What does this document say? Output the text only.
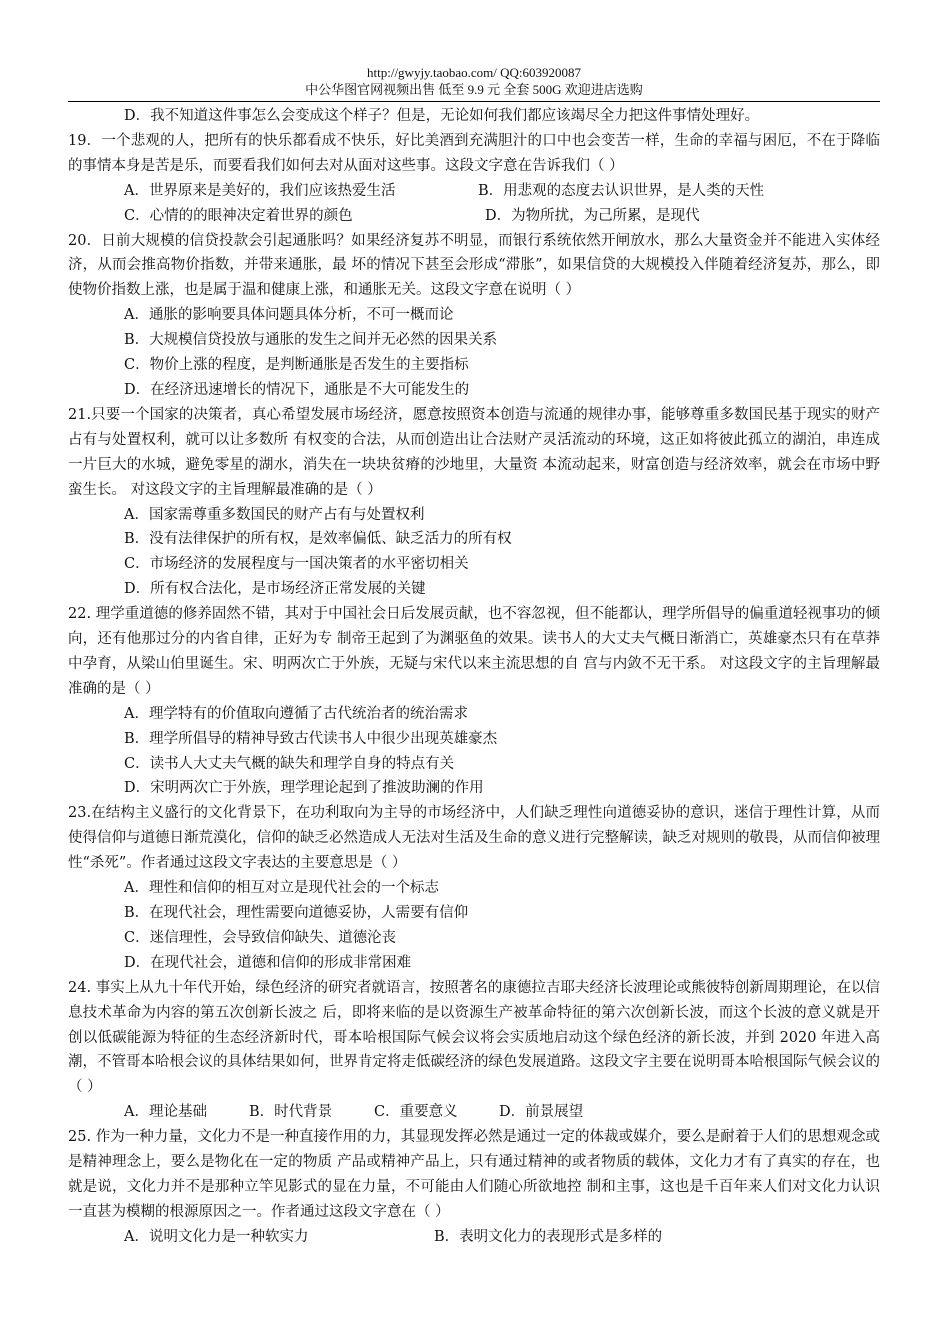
http://gwyjy.taobao.com/ QQ:603920087
中公华图官网视频出售 低至 9.9 元 全套 500G 欢迎进店选购

D．我不知道这件事怎么会变成这个样子？但是，无论如何我们都应该竭尽全力把这件事情处理好。

19．一个悲观的人，把所有的快乐都看成不快乐，好比美酒到充满胆汁的口中也会变苦一样，生命的幸福与困厄，不在于降临的事情本身是苦是乐，而要看我们如何去对从面对这些事。这段文字意在告诉我们（ ）

A．世界原来是美好的，我们应该热爱生活	B．用悲观的态度去认识世界，是人类的天性

C．心情的的眼神决定着世界的颜色	D．为物所扰，为己所累，是现代

20．日前大规模的信贷投款会引起通胀吗？如果经济复苏不明显，而银行系统依然开闸放水，那么大量资金并不能进入实体经济，从而会推高物价指数，并带来通胀，最 坏的情况下甚至会形成“滞胀”，如果信贷的大规模投入伴随着经济复苏，那么，即使物价指数上涨，也是属于温和健康上涨，和通胀无关。这段文字意在说明（ ）

A．通胀的影响要具体问题具体分析，不可一概而论

B．大规模信贷投放与通胀的发生之间并无必然的因果关系

C．物价上涨的程度，是判断通胀是否发生的主要指标

D．在经济迅速增长的情况下，通胀是不大可能发生的

21.只要一个国家的决策者，真心希望发展市场经济，愿意按照资本创造与流通的规律办事，能够尊重多数国民基于现实的财产占有与处置权利，就可以让多数所 有权变的合法，从而创造出让合法财产灵活流动的环境，这正如将彼此孤立的湖泊，串连成一片巨大的水城，避免零星的湖水，消失在一块块贫瘠的沙地里，大量资 本流动起来，财富创造与经济效率，就会在市场中野蛮生长。 对这段文字的主旨理解最准确的是（ ）

A．国家需尊重多数国民的财产占有与处置权利

B．没有法律保护的所有权，是效率偏低、缺乏活力的所有权

C．市场经济的发展程度与一国决策者的水平密切相关

D．所有权合法化，是市场经济正常发展的关键

22. 理学重道德的修养固然不错，其对于中国社会日后发展贡献，也不容忽视，但不能都认，理学所倡导的偏重道轻视事功的倾向，还有他那过分的内省自律，正好为专 制帝王起到了为渊驱鱼的效果。读书人的大丈夫气概日渐消亡，英雄豪杰只有在草莽中孕育，从梁山伯里诞生。宋、明两次亡于外族，无疑与宋代以来主流思想的自 宫与内敛不无干系。 对这段文字的主旨理解最准确的是（ ）

A．理学特有的价值取向遵循了古代统治者的统治需求

B．理学所倡导的精神导致古代读书人中很少出现英雄豪杰

C．读书人大丈夫气概的缺失和理学自身的特点有关

D．宋明两次亡于外族，理学理论起到了推波助澜的作用

23.在结构主义盛行的文化背景下，在功利取向为主导的市场经济中，人们缺乏理性向道德妥协的意识，迷信于理性计算，从而使得信仰与道德日渐荒漠化，信仰的缺乏必然造成人无法对生活及生命的意义进行完整解读，缺乏对规则的敬畏，从而信仰被理性“杀死”。作者通过这段文字表达的主要意思是（ ）

A．理性和信仰的相互对立是现代社会的一个标志

B．在现代社会，理性需要向道德妥协，人需要有信仰

C．迷信理性，会导致信仰缺失、道德沦丧

D．在现代社会，道德和信仰的形成非常困难

24. 事实上从九十年代开始，绿色经济的研究者就语言，按照著名的康德拉吉耶夫经济长波理论或熊彼特创新周期理论，在以信息技术革命为内容的第五次创新长波之 后，即将来临的是以资源生产被革命特征的第六次创新长波，而这个长波的意义就是开创以低碳能源为特征的生态经济新时代，哥本哈根国际气候会议将会实质地启动这个绿色经济的新长波，并到 2020 年进入高潮，不管哥本哈根会议的具体结果如何，世界肯定将走低碳经济的绿色发展道路。这段文字主要在说明哥本哈根国际气候会议的（ ）

A．理论基础	B．时代背景	C．重要意义	D．前景展望

25. 作为一种力量，文化力不是一种直接作用的力，其显现发挥必然是通过一定的体裁或媒介，要么是耐着于人们的思想观念或是精神理念上，要么是物化在一定的物质 产品或精神产品上，只有通过精神的或者物质的载体，文化力才有了真实的存在，也就是说，文化力并不是那种立竿见影式的显在力量，不可能由人们随心所欲地控 制和主事，这也是千百年来人们对文化力认识一直甚为模糊的根源原因之一。作者通过这段文字意在（ ）

A．说明文化力是一种软实力	B．表明文化力的表现形式是多样的
